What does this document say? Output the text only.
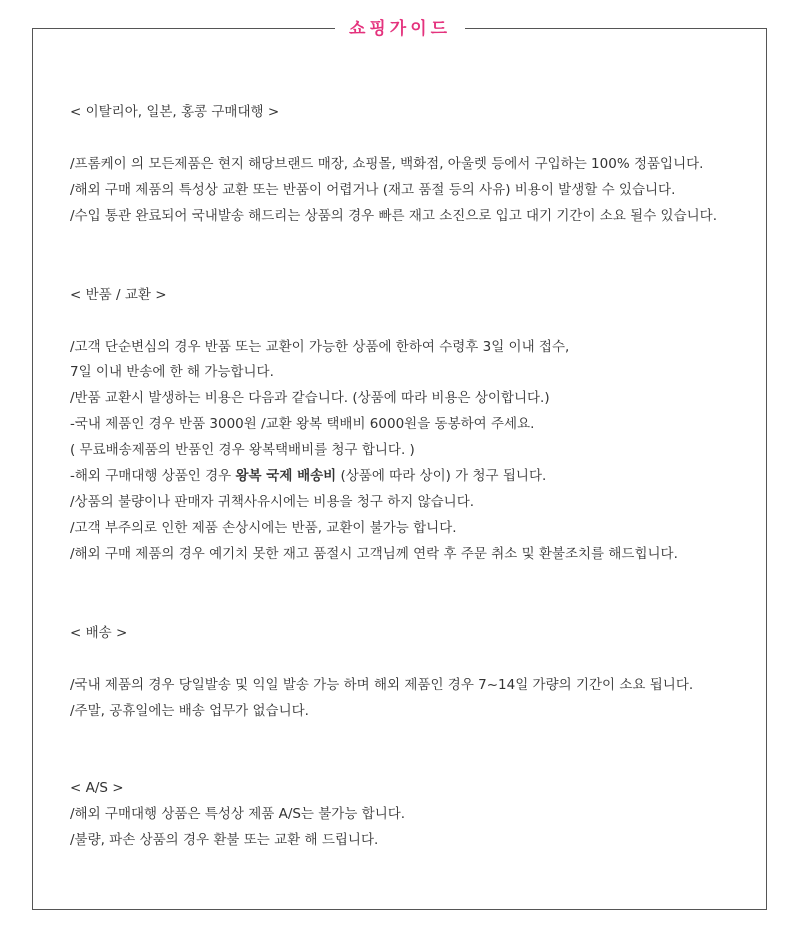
쇼핑가이드
< 이탈리아, 일본, 홍콩 구매대행 >
/프롬케이 의 모든제품은 현지 해당브랜드 매장, 쇼핑몰, 백화점, 아울렛 등에서 구입하는 100% 정품입니다.
/해외 구매 제품의 특성상 교환 또는 반품이 어렵거나 (재고 품절 등의 사유) 비용이 발생할 수 있습니다.
/수입 통관 완료되어 국내발송 해드리는 상품의 경우 빠른 재고 소진으로 입고 대기 기간이 소요 될수 있습니다.
< 반품 / 교환 >
/고객 단순변심의 경우 반품 또는 교환이 가능한 상품에 한하여 수령후 3일 이내 접수,
7일 이내 반송에 한 해 가능합니다.
/반품 교환시 발생하는 비용은 다음과 같습니다. (상품에 따라 비용은 상이합니다.)
-국내 제품인 경우 반품 3000원 /교환 왕복 택배비 6000원을 동봉하여 주세요.
( 무료배송제품의 반품인 경우 왕복택배비를 청구 합니다. )
-해외 구매대행 상품인 경우 왕복 국제 배송비 (상품에 따라 상이) 가 청구 됩니다.
/상품의 불량이나 판매자 귀책사유시에는 비용을 청구 하지 않습니다.
/고객 부주의로 인한 제품 손상시에는 반품, 교환이 불가능 합니다.
/해외 구매 제품의 경우 예기치 못한 재고 품절시 고객님께 연락 후 주문 취소 및 환불조치를 해드힙니다.
< 배송 >
/국내 제품의 경우 당일발송 및 익일 발송 가능 하며 해외 제품인 경우 7~14일 가량의 기간이 소요 됩니다.
/주말, 공휴일에는 배송 업무가 없습니다.
< A/S >
/해외 구매대행 상품은 특성상 제품 A/S는 불가능 합니다.
/불량, 파손 상품의 경우 환불 또는 교환 해 드립니다.
